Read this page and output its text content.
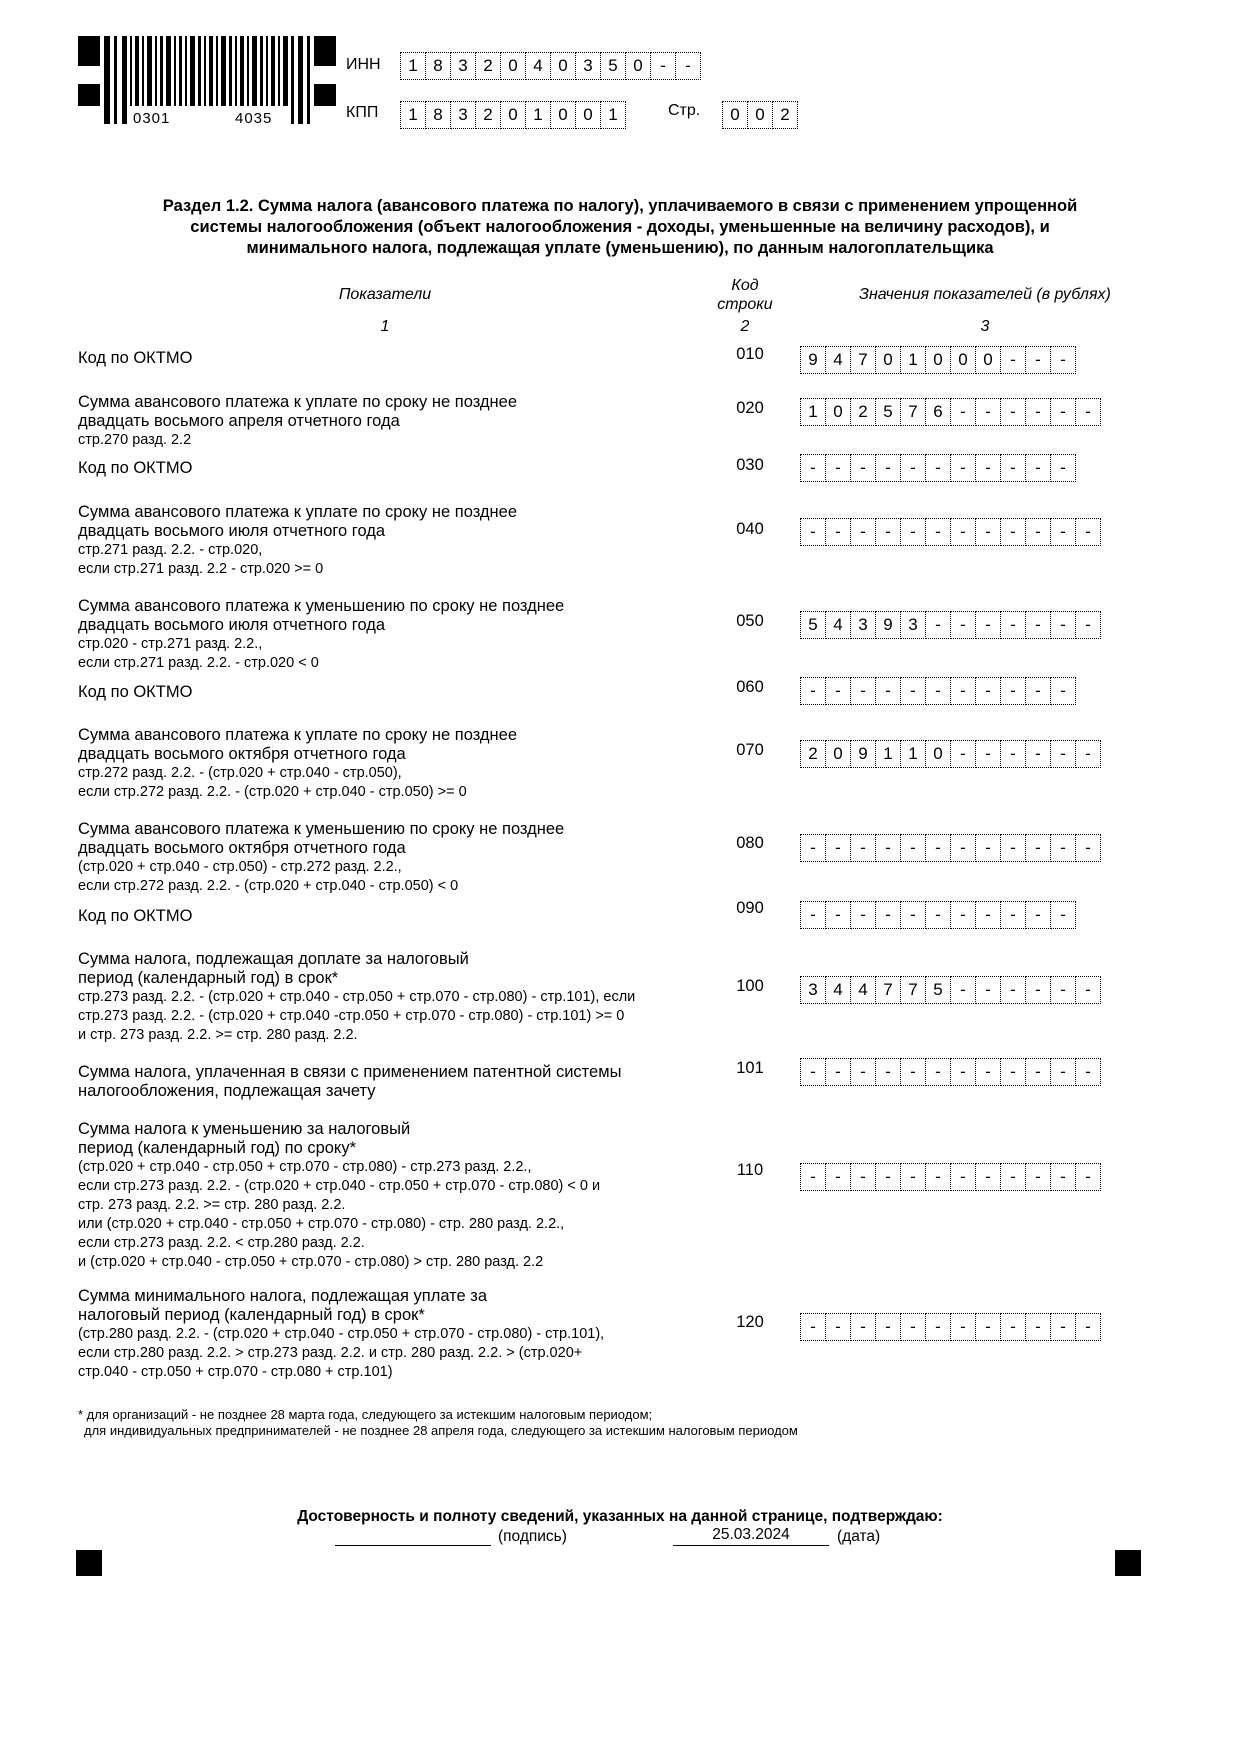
0301	4035
ИНН	1 8 3 2 0 4 0 3 5 0	-	-
КПП	1 8 3 2 0 1 0 0 1	Стр.	0 0 2
Раздел 1.2. Сумма налога (авансового платежа по налогу), уплачиваемого в связи с применением упрощенной
системы налогообложения (объект налогообложения - доходы, уменьшенные на величину расходов), и
минимального налога, подлежащая уплате (уменьшению), по данным налогоплательщика
Показатели
Код
строки
Значения показателей (в рублях)
1	2	3
Код по ОКТМО	010	9 4 7 0 1 0 0 0	-	-	-
Сумма авансового платежа к уплате по сроку не позднее
двадцать восьмого апреля отчетного года
стр.270 разд. 2.2
020	1 0 2 5 7 6	-	-	-	-	-	-
Код по ОКТМО	030	-	-	-	-	-	-	-	-	-	-	-
Сумма авансового платежа к уплате по сроку не позднее
двадцать восьмого июля отчетного года
стр.271 разд. 2.2. - стр.020,
если стр.271 разд. 2.2 - стр.020 >= 0
040	-	-	-	-	-	-	-	-	-	-	-	-
Сумма авансового платежа к уменьшению по сроку не позднее
двадцать восьмого июля отчетного года
стр.020 - стр.271 разд. 2.2.,
если стр.271 разд. 2.2. - стр.020 < 0
050	5 4 3 9 3	-	-	-	-	-	-	-
Код по ОКТМО	060	-	-	-	-	-	-	-	-	-	-	-
Сумма авансового платежа к уплате по сроку не позднее
двадцать восьмого октября отчетного года
стр.272 разд. 2.2. - (стр.020 + стр.040 - стр.050),
если стр.272 разд. 2.2. - (стр.020 + стр.040 - стр.050) >= 0
070	2 0 9 1 1 0	-	-	-	-	-	-
Сумма авансового платежа к уменьшению по сроку не позднее
двадцать восьмого октября отчетного года
(стр.020 + стр.040 - стр.050) - стр.272 разд. 2.2.,
если стр.272 разд. 2.2. - (стр.020 + стр.040 - стр.050) < 0
080	-	-	-	-	-	-	-	-	-	-	-	-
Код по ОКТМО	090	-	-	-	-	-	-	-	-	-	-	-
Сумма налога, подлежащая доплате за налоговый
период (календарный год) в срок*
стр.273 разд. 2.2. - (стр.020 + стр.040 - стр.050 + стр.070 - стр.080) - стр.101), если
стр.273 разд. 2.2. - (стр.020 + стр.040 -стр.050 + стр.070 - стр.080) - стр.101) >= 0
и стр. 273 разд. 2.2. >= стр. 280 разд. 2.2.
100	3 4 4 7 7 5	-	-	-	-	-	-
Сумма налога, уплаченная в связи с применением патентной системы
налогообложения, подлежащая зачету
101	-	-	-	-	-	-	-	-	-	-	-	-
Сумма налога к уменьшению за налоговый
период (календарный год) по сроку*
(стр.020 + стр.040 - стр.050 + стр.070 - стр.080) - стр.273 разд. 2.2.,
если стр.273 разд. 2.2. - (стр.020 + стр.040 - стр.050 + стр.070 - стр.080) < 0 и
стр. 273 разд. 2.2. >= стр. 280 разд. 2.2.
или (стр.020 + стр.040 - стр.050 + стр.070 - стр.080) - стр. 280 разд. 2.2.,
если стр.273 разд. 2.2. < стр.280 разд. 2.2.
и (стр.020 + стр.040 - стр.050 + стр.070 - стр.080) > стр. 280 разд. 2.2
110	-	-	-	-	-	-	-	-	-	-	-	-
Сумма минимального налога, подлежащая уплате за
налоговый период (календарный год) в срок*
(стр.280 разд. 2.2. - (стр.020 + стр.040 - стр.050 + стр.070 - стр.080) - стр.101),
если стр.280 разд. 2.2. > стр.273 разд. 2.2. и стр. 280 разд. 2.2. > (стр.020+
стр.040 - стр.050 + стр.070 - стр.080 + стр.101)
120	-	-	-	-	-	-	-	-	-	-	-	-
* для организаций - не позднее 28 марта года, следующего за истекшим налоговым периодом;
для индивидуальных предпринимателей - не позднее 28 апреля года, следующего за истекшим налоговым периодом
Достоверность и полноту сведений, указанных на данной странице, подтверждаю:
(подпись)	25.03.2024	(дата)
